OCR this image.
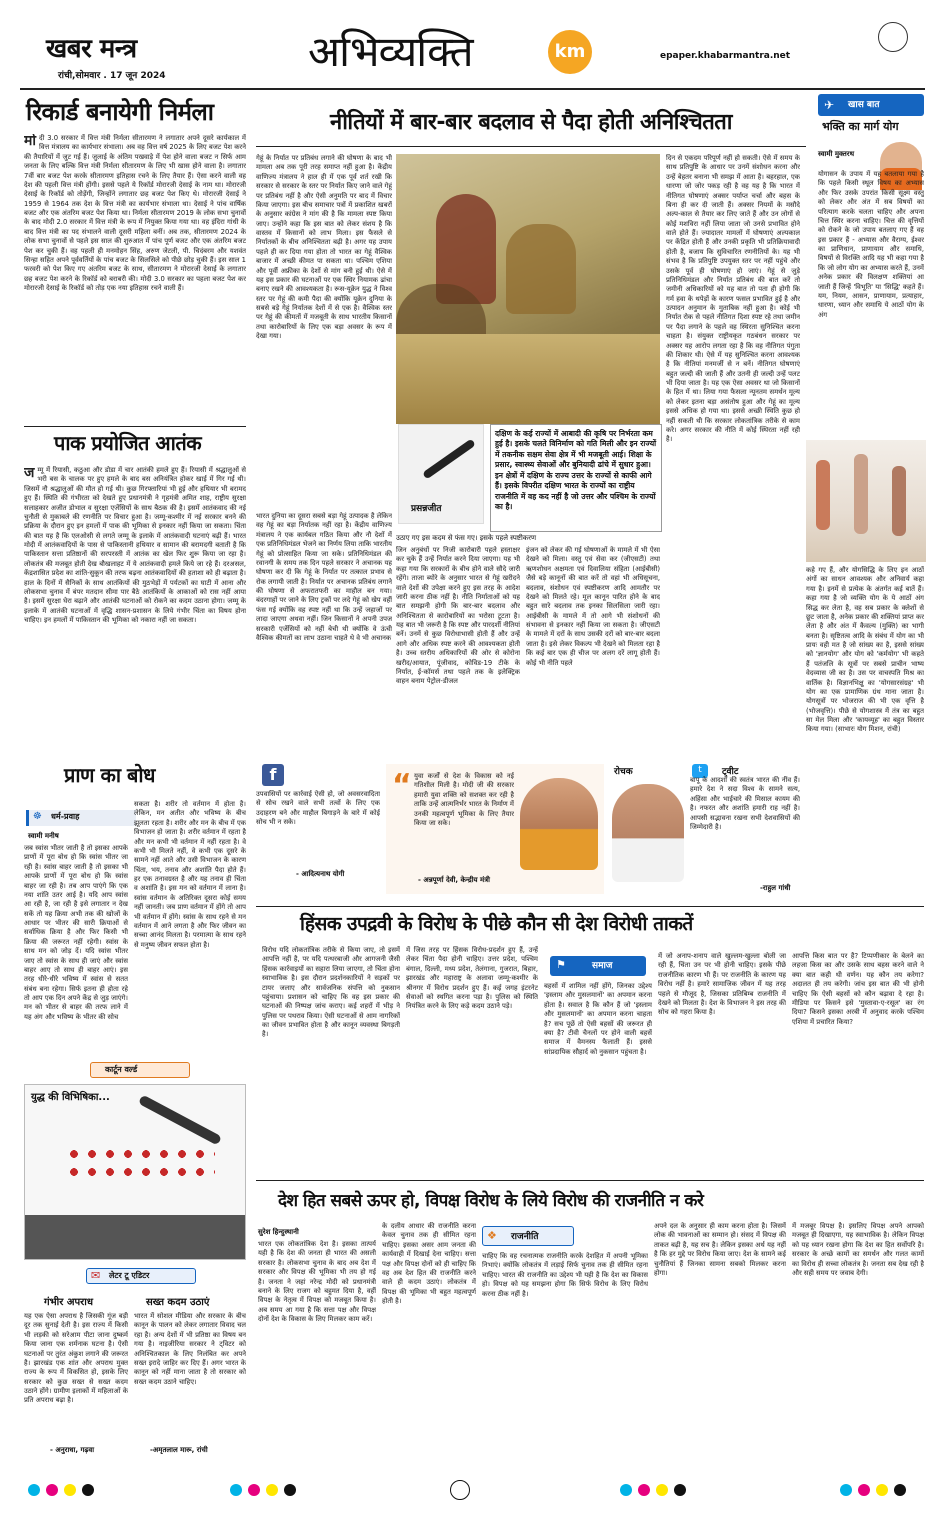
खबर मन्त्र
रांची,सोमवार . 17 जून 2024	अभिव्यक्ति	km	epaper.khabarmantra.net
रिकार्ड बनायेगी निर्मला
मो दी 3.0 सरकार में वित्त मंत्री निर्मला सीतारमण ने लगातार अपने दूसरे कार्यकाल में वित्त मंत्रालय का कार्यभार संभाला। अब वह वित्त वर्ष 2025 के लिए बजट पेश करने की तैयारियों में जुट गई हैं। जुलाई के अंतिम पखवाड़े में पेश होने वाला बजट न सिर्फ आम जनता के लिए बल्कि वित्त मंत्री निर्मला सीतारमण के लिए भी खास होने वाला है। लगातार 7वीं बार बजट पेश करके सीतारमण इतिहास रचने के लिए तैयार हैं। ऐसा करने वाली वह देश की पहली वित्त मंत्री होंगी। इससे पहले ये रिकॉर्ड मोरारजी देसाई के नाम था। मोरारजी देसाई के रिकॉर्ड को तोड़ेंगी, जिन्होंने लगातार छह बजट पेश किए थे। मोरारजी देसाई ने 1959 से 1964 तक देश के वित्त मंत्री का कार्यभार संभाला था। देसाई ने पांच वार्षिक बजट और एक अंतरिम बजट पेश किया था। निर्मला सीतारमण 2019 के लोक सभा चुनावों के बाद मोदी 2.0 सरकार में वित्त मंत्री के रूप में नियुक्त किया गया था। वह इंदिरा गांधी के बाद वित्त मंत्री का पद संभालने वाली दूसरी महिला बनीं। अब तक, सीतारमण 2024 के लोक सभा चुनावों से पहले इस साल की शुरुआत में पांच पूर्ण बजट और एक अंतरिम बजट पेश कर चुकी हैं। वह पहली ही मनमोहन सिंह, अरुण जेटली, पी. चिदंबरम और यशवंत सिन्हा सहित अपने पूर्ववर्तियों के पांच बजट के सिलसिले को पीछे छोड़ चुकी हैं। इस साल 1 फरवरी को पेश किए गए अंतरिम बजट के साथ, सीतारमण ने मोरारजी देसाई के लगातार छह बजट पेश करने के रिकॉर्ड को बराबरी की। मोदी 3.0 सरकार का पहला बजट पेश कर मोरारजी देसाई के रिकॉर्ड को तोड़ एक नया इतिहास रचने वाली हैं।
पाक प्रयोजित आतंक
ज म्मू में रियासी, कठुआ और डोडा में चार आतंकी हमले हुए हैं। रियासी में श्रद्धालुओं से भरी बस के चालक पर हुए हमले के बाद बस अनियंत्रित होकर खाई में गिर गई थी। जिसमें नौ श्रद्धालुओं की मौत हो गई थी। कुछ गिरफ्तारियां भी हुई और हथियार भी बरामद हुए हैं। स्थिति की गंभीरता को देखते हुए प्रधानमंत्री ने गृहमंत्री अमित शाह, राष्ट्रीय सुरक्षा सलाहकार अजीत डोभाल व सुरक्षा एजेंसियों के साथ बैठक की है। इसमें आतंकवाद की नई चुनौती से मुकाबले की रणनीति पर विचार हुआ है। जम्मू-कश्मीर में नई सरकार बनने की प्रक्रिया के दौरान हुए इन हमलों में पाक की भूमिका से इनकार नहीं किया जा सकता। चिंता की बात यह है कि एलओसी से लगते जम्मू के इलाके में आतंकवादी घटनाएं बढ़ी हैं। भारत मोदी में आतंकवादियों के पास से पाकिस्तानी हथियार व सामान की बरामदगी बताती है कि पाकिस्तान सत्ता प्रतिष्ठानों की सरपरस्ती में आतंक का खेल फिर शुरू किया जा रहा है। लोकतंत्र की मजबूत होती देख बौखलाहट में ये आतंकवादी हमले किये जा रहे हैं। दरअसल, केंद्रशासित प्रदेश का शांति-सुकून की तरफ बढ़ना आतंकवादियों की हताशा को ही बढ़ाता है। हाल के दिनों में सैनिकों के साथ आतंकियों की मुठभेड़ों में पर्यटकों का घाटी में आना और लोकसभा चुनाव में बंपर मतदान सीमा पार बैठे आतंकियों के आकाओं को रास नहीं आया है। इसमें सुरक्षा घेरा बढ़ाने और आतंकी घटनाओं को रोकने का कदम उठाना होगा। जम्मू के इलाके में आतंकी घटनाओं में वृद्धि शासन-प्रशासन के लिये गंभीर चिंता का विषय होना चाहिए। इन हमलों में पाकिस्तान की भूमिका को नकारा नहीं जा सकता।
नीतियों में बार-बार बदलाव से पैदा होती अनिश्चितता
गेहूं के निर्यात पर प्रतिबंध लगाने की घोषणा के बाद भी मामला अब तक पूरी तरह समाप्त नहीं हुआ है। केंद्रीय वाणिज्य मंत्रालय ने हाल ही में एक पूर्व शर्त रखी कि सरकार से सरकार के स्तर पर निर्यात किए जाने वाले गेहूं पर प्रतिबंध नहीं है और ऐसी अनुमति पर बाद में विचार किया जाएगा। इस बीच समाचार पत्रों में प्रकाशित खबरों के अनुसार कांग्रेस ने मांग की है कि मामला स्पष्ट किया जाए। उन्होंने कहा कि इस बात को लेकर संशय है कि वास्तव में किसानों को लाभ मिला। इस फैसले से निर्यातकों के बीच अनिश्चितता बढ़ी है। अगर यह उपाय पहले ही कर दिया गया होता तो भारत का गेहूं वैश्विक बाजार में अच्छी कीमत पा सकता था। पश्चिम एशिया और पूर्वी अफ्रीका के देशों से मांग बनी हुई थी। ऐसे में यह इस प्रकार की घटनाओं पर एक स्थिर नियामक ढांचा बनाए रखने की आवश्यकता है। रूस-यूक्रेन युद्ध ने विश्व स्तर पर गेहूं की कमी पैदा की क्योंकि यूक्रेन दुनिया के सबसे बड़े गेहूं निर्यातक देशों में से एक है। वैश्विक स्तर पर गेहूं की कीमतों में मजबूती के साथ भारतीय किसानों तथा कारोबारियों के लिए एक बड़ा अवसर के रूप में देखा गया।
प्रसन्नजीत
दक्षिण के कई राज्यों में आबादी की कृषि पर निर्भरता कम हुई है। इसके चलते विनिर्माण को गति मिली और इन राज्यों में तकनीक सक्षम सेवा क्षेत्र में भी मजबूती आई। शिक्षा के प्रसार, स्वास्थ्य सेवाओं और बुनियादी ढांचे में सुधार हुआ। इन क्षेत्रों में दक्षिण के राज्य उत्तर के राज्यों से काफी आगे हैं। इसके विपरीत दक्षिण भारत के राज्यों का राष्ट्रीय राजनीति में वह कद नहीं है जो उत्तर और पश्चिम के राज्यों का है।
भारत दुनिया का दूसरा सबसे बड़ा गेहूं उत्पादक है लेकिन वह गेहूं का बड़ा निर्यातक नहीं रहा है। केंद्रीय वाणिज्य मंत्रालय ने एक कार्यबल गठित किया और नौ देशों में एक प्रतिनिधिमंडल भेजने का निर्णय लिया ताकि भारतीय गेहूं को प्रोत्साहित किया जा सके। प्रतिनिधिमंडल की रवानगी के समय तक दिन पहले सरकार ने अचानक यह घोषणा कर दी कि गेहूं के निर्यात पर तत्काल प्रभाव से रोक लगायी जाती है। निर्यात पर अचानक प्रतिबंध लगाने की घोषणा से अफरातफरी का माहौल बन गया। बंदरगाहों पर जाने के लिए ट्रकों पर लदे गेहूं को खेप वहीं फंस गई क्योंकि वह स्पष्ट नहीं था कि उन्हें जहाजों पर लादा जाएगा अथवा नहीं। जिन किसानों ने अपनी उपज सरकारी एजेंसियों को नहीं बेची थी क्योंकि वे ऊंची वैश्विक कीमतों का लाभ उठाना चाहते थे वे भी अचानक
उठाए गए इस कदम से फंस गए। इसके पहले स्पष्टीकरण
जिन अनुबंधों पर निजी कारोबारी पहले हस्ताक्षर कर चुके हैं उन्हें निर्यात करने दिया जाएगा। यह भी कहा गया कि सरकारों के बीच होने वाले सौदे जारी रहेंगे। ताजा ब्योरे के अनुसार भारत से गेहूं खरीदने वाले देशों की उपेक्षा करने हुए इस तरह के आदेश जारी करना ठीक नहीं है। नीति निर्माताओं को यह बात समझनी होगी कि बार-बार बदलाव और अनिश्चितता से कारोबारियों का भरोसा टूटता है। यह बात भी जरूरी है कि स्पष्ट और पारदर्शी नीतियां बनें। उनमें से कुछ विरोधाभासी होती हैं और उन्हें आगे और अधिक स्पष्ट करने की आवश्यकता होती है। उच्च स्तरीय अधिकारियों की ओर से कोरोना खरीद/आयात, पूंजीवाद, कोविड-19 टीके के निर्यात, ई-कॉमर्स तथा पहले तक के इलेक्ट्रिक वाहन बनाम पेट्रोल-डीजल
इंजन को लेकर की गई घोषणाओं के मामले में भी ऐसा देखने को मिला। वस्तु एवं सेवा कर (जीएसटी) तथा ऋणशोधन अक्षमता एवं दिवालिया संहिता (आईबीसी) जैसे बड़े कानूनों की बात करें तो वहां भी अधिसूचना, बदलाव, संशोधन एवं स्पष्टीकरण आदि आमतौर पर देखने को मिलते रहे। मूल कानून पारित होने के बाद बहुत सारे बदलाव तक इनका सिलसिला जारी रहा। आईबीसी के मामले में तो आगे भी संशोधनों की संभावना से इनकार नहीं किया जा सकता है। जीएसटी के मामले में दरों के साथ उसकी दरों को बार-बार बदला जाता है। इसे लेकर विकल्प भी देखने को मिलता रहा है कि कई बार एक ही चीज पर अलग दरें लागू होती हैं। कोई भी नीति पहले
दिन से एकदम परिपूर्ण नहीं हो सकती। ऐसे में समय के साथ प्रतिपुष्टि के आधार पर उनमें संशोधन करना और उन्हें बेहतर बनाना भी समझ में आता है। बहरहाल, एक धारणा जो जोर पकड़ रही है वह यह है कि भारत में नीतिगत घोषणाएं अक्सर पर्याप्त चर्चा और बहस के बिना ही कर दी जाती हैं। अक्सर नियमों के मसौदे अल्प-काल से तैयार कर लिए जाते हैं और उन लोगों से कोई मशविरा नहीं लिया जाता जो उनसे प्रभावित होने वाले होते हैं। ज्यादातर मामलों में घोषणाएं अल्पकाल पर केंद्रित होती हैं और उनकी प्रकृति भी प्रतिक्रियावादी होती है, बजाय कि सुविचारित रणनीतियों के। यह भी संभव है कि प्रतिपुष्टि उपयुक्त स्तर पर नहीं पहुंचे और उसके पूर्व ही घोषणाएं हो जाएं। गेहूं से जुड़े प्रतिनिधिमंडल और निर्यात प्रतिबंध की बात करें तो जमीनी अधिकारियों को यह बात तो पता ही होगी कि गर्म हवा के थपेड़ों के कारण फसल प्रभावित हुई है और उत्पादन अनुमान के मुताबिक नहीं हुआ है। कोई भी निर्यात रोक से पहले नीतिगत दिशा स्पष्ट रहे तथा जमीन पर पैदा लगाने के पहले वह स्थिरता सुनिश्चित करना चाहता है। संयुक्त राष्ट्रीयकृत गठबंधन सरकार पर अक्सर यह आरोप लगता रहा है कि वह नीतिगत पंगुता की शिकार थी। ऐसे में यह सुनिश्चित करना आवश्यक है कि नीतियां मनमर्जी से न बनें। नीतिगत घोषणाएं बहुत जल्दी की जाती हैं और उतनी ही जल्दी उन्हें पलट भी दिया जाता है। यह एक ऐसा अवसर था जो किसानों के हित में था। लिया गया फैसला न्यूनतम समर्थन मूल्य को लेकर इतना बड़ा असंतोष हुआ और गेहूं का मूल्य इससे अधिक हो गया था। इससे अच्छी स्थिति कुछ हो नहीं सकती थी कि सरकार लोकतांत्रिक तरीके से काम करे। अगर सरकार की नीति में कोई स्थिरता नहीं रही है।
✈ खास बात
भक्ति का मार्ग योग
स्वामी मुक्तरथ
योगासन के उपाय में यह बतलाया गया है कि पहले किसी स्थूल विषय का अभ्यास और फिर उसके उपरांत किसी सूक्ष्म वस्तु को लेकर और अंत में सब विषयों का परित्याग करके चलता चाहिए और अपना चित्त स्थिर करना चाहिए। चित्त की वृत्तियों को रोकने के जो उपाय बतलाए गए हैं वह इस प्रकार हैं - अभ्यास और वैराग्य, ईश्वर का प्राणिधान, प्राणायाम और समाधि, विषयों से विरक्ति आदि यह भी कहा गया है कि जो लोग योग का अभ्यास करते हैं, उनमें अनेक प्रकार की विलक्षण शक्तियां आ जाती हैं जिन्हें 'विभूति' या 'सिद्धि' कहते हैं। यम, नियम, आसन, प्राणायाम, प्रत्याहार, धारणा, ध्यान और समाधि ये आठों योग के अंग
कहे गए हैं, और योगसिद्धि के लिए इन आठों अंगों का साधन आवश्यक और अनिवार्य कहा गया है। इनमें से प्रत्येक के अंतर्गत कई बातें हैं। कहा गया है जो व्यक्ति योग के ये आठों अंग सिद्ध कर लेता है, वह सब प्रकार के क्लेशों से छूट जाता है, अनेक प्रकार की शक्तियां प्राप्त कर लेता है और अंत में कैवल्य (मुक्ति) का भागी बनता है। सृष्टितत्व आदि के संबंध में योग का भी प्रायः वही मत है जो सांख्य का है, इससे सांख्य को 'ज्ञानयोग' और योग को 'कर्मयोग' भी कहते हैं पतंजलि के सूत्रों पर सबसे प्राचीन भाष्य वेदव्यास जी का है। उस पर वाचस्पति मिश्र का वार्तिक है। विज्ञानभिक्षु का 'योगसारसंग्रह' भी योग का एक प्रामाणिक ग्रंथ माना जाता है। योगसूत्रों पर भोजराज की भी एक वृत्ति है (भोजवृत्ति)। पीछे से योगशास्त्र में तंत्र का बहुत सा मेल मिला और 'कायव्यूह' का बहुत विस्तार किया गया। (साभारः योग मिशन, रांची)
प्राण का बोध
☸ धर्म-प्रवाह
स्वामी मनीष
जब स्वांस भीतर जाती है तो इसका आपके प्राणों में पूरा बोध हो कि स्वांस भीतर जा रही है। स्वांस बाहर जाती है तो इसका भी आपके प्राणों में पूरा बोध हो कि स्वांस बाहर जा रही है। तब आप पाएंगे कि एक नया शांति उतर आई है। यदि आप स्वांस आ रही है, जा रही है इसे लगातार न देख सकें तो यह क्रिया अभी तक की खोजों के आधार पर भीतर की सारी क्रियाओं से सर्वाधिक क्रिया है और फिर किसी भी क्रिया की जरूरत नहीं रहेगी। स्वांस के साथ मन को जोड़ दें। यदि स्वांस भीतर जाए तो स्वांस के साथ ही जाएं और स्वांस बाहर आए तो साथ ही बाहर आएं। इस तरह धीरे-धीरे भविष्य में स्वांस से सतत संबंध बना रहेगा। सिर्फ इतना ही होता रहे तो आप एक दिन अपने केंद्र से जुड़ जाएंगे। मन को भीतर से बाहर की तरफ लाने में यह अंग और भविष्य के भीतर की सोच
सकता है। शरीर तो वर्तमान में होता है। लेकिन, मन अतीत और भविष्य के बीच झूलता रहता है। शरीर और मन के बीच में एक विभाजन हो जाता है। शरीर वर्तमान में रहता है और मन कभी भी वर्तमान में नहीं रहता है। वे कभी भी मिलते नहीं, वे कभी एक दूसरे के सामने नहीं आते और उसी विभाजन के कारण चिंता, भय, तनाव और अशांति पैदा होते हैं। हर एक तनावग्रस्त है और यह तनाव ही चिंता व अशांति है। इस मन को वर्तमान में लाना है। स्वांस वर्तमान के अतिरिक्त दूसरा कोई समय नहीं जानती। जब प्राण वर्तमान में होंगे तो आप भी वर्तमान में होंगे। स्वांस के साथ रहने से मन वर्तमान में आने लगता है और फिर जीवन का सच्चा आनंद मिलता है। परमात्मा के साथ रहने से मनुष्य जीवन सफल होता है।
f
उपवासियों पर कार्रवाई ऐसी हो, जो अवसरवादिता से सोच रखने वाले सभी तत्वों के लिए एक उदाहरण बने और माहौल बिगाड़ने के बारे में कोई सोच भी न सके।
- आदित्यनाथ योगी
“ युवा कर्जों से देश के विकास को नई गतिशील मिली है। मोदी जी की सरकार हमारी युवा शक्ति को सशक्त कर रही है ताकि उन्हें आत्मनिर्भर भारत के निर्माण में उनकी महत्वपूर्ण भूमिका के लिए तैयार किया जा सके।
- अन्नपूर्णा देवी, केन्द्रीय मंत्री
रोचक	t	ट्वीट
बापू के आदर्शों की स्वतंत्र भारत की नींव हैं। हमारे देश ने सदा विश्व के सामने सत्य, अहिंसा और भाईचारे की मिसाल कायम की है। नफरत और अशांति हमारी राह नहीं है। आपसी सद्भावना रखना सभी देशवासियों की जिम्मेदारी है।
-राहुल गांधी
कार्टून वर्ल्ड
युद्ध की विभिषिका...
✉ लेटर टू एडिटर
गंभीर अपराध
यह एक ऐसा अपराध है जिसकी गूंज बड़ी दूर तक सुनाई देती है। इस राज्य में किसी भी लड़की को सरेआम पीटा जाना दुष्कर्म किया जाना एक शर्मनाक घटना है। ऐसी घटनाओं पर तुरंत अंकुश लगाने की जरूरत है। झारखंड एक शांत और अपराध मुक्त राज्य के रूप में विकसित हो, इसके लिए सरकार को कुछ सख्त से सख्त कदम उठाने होंगे। ग्रामीण इलाकों में महिलाओं के प्रति अपराध बढ़ा है।
- अनुराधा, गढ़वा
सख्त कदम उठाएं
भारत में सोशल मीडिया और सरकार के बीच कानून के पालन को लेकर लगातार विवाद चल रहा है। अन्य देशों में भी प्रतिष्ठा का विषय बन गया है। नाइजीरिया सरकार ने ट्विटर को अनिश्चितकाल के लिए निलंबित कर अपने सख्त इरादे जाहिर कर दिए हैं। अगर भारत के कानून को नहीं माना जाता है तो सरकार को सख्त कदम उठाने चाहिए।
-अमृतलाल मारू, रांची
हिंसक उपद्रवी के विरोध के पीछे कौन सी देश विरोधी ताकतें
विरोध यदि लोकतांत्रिक तरीके से किया जाए, तो इसमें आपत्ति नहीं है, पर यदि पत्थरबाजी और आगजनी जैसी हिंसक कार्रवाइयों का सहारा लिया जाएगा, तो चिंता होना स्वाभाविक है। इस दौरान प्रदर्शनकारियों ने सड़कों पर टायर जलाए और सार्वजनिक संपत्ति को नुकसान पहुंचाया। प्रशासन को चाहिए कि वह इस प्रकार की घटनाओं की निष्पक्ष जांच कराए। कई शहरों में भीड़ ने पुलिस पर पथराव किया। ऐसी घटनाओं से आम नागरिकों का जीवन प्रभावित होता है और कानून व्यवस्था बिगड़ती है।
में जिस तरह पर हिंसक विरोध-प्रदर्शन हुए हैं, उन्हें लेकर चिंता पैदा होनी चाहिए। उत्तर प्रदेश, पश्चिम बंगाल, दिल्ली, मध्य प्रदेश, तेलंगाना, गुजरात, बिहार, झारखंड और महाराष्ट्र के अलावा जम्मू-कश्मीर के श्रीनगर में विरोध प्रदर्शन हुए हैं। कई जगह इंटरनेट सेवाओं को स्थगित करना पड़ा है। पुलिस को स्थिति नियंत्रित करने के लिए कड़े कदम उठाने पड़े।
⚑	समाज
बहसों में शामिल नहीं होंगे, जिनका उद्देश्य 'इस्लाम और मुसलमानों' का अपमान करना होता है। सवाल है कि कौन हैं जो 'इस्लाम और मुसलमानों' का अपमान करना चाहता है? सच पूछें तो ऐसी बहसों की जरूरत ही क्या है? टीवी चैनलों पर होने वाली बहसें समाज में वैमनस्य फैलाती हैं। इससे सांप्रदायिक सौहार्द को नुकसान पहुंचता है।
में जो अनाप-शनाप वाले खुल्लम-खुल्ला बोली जा रही हैं, चिंता उन पर भी होनी चाहिए। इसके पीछे राजनीतिक कारण भी हैं। पर राजनीति के कारण यह विरोध नहीं है। हमारे सामाजिक जीवन में यह तरह पहले से मौजूद है, जिसका प्रतिबिम्ब राजनीति में देखने को मिलता है। देश के विभाजन ने इस तरह की सोच को गहरा किया है।
आपत्ति किस बात पर है? टिप्पणीकार के बेलने का लहजा किस का और उसके साथ बहस करने वाले ने क्या बात कही थी वर्णन। यह कौन तय करेगा? अदालत ही तय करेगी। जांच इस बात की भी होनी चाहिए कि ऐसी बहसों को कौन बढ़ावा दे रहा है। मीडिया पर किसने इसे 'मुस्तावा-ए-रसूल' का रंग दिया? किसने इसका अरबी में अनुवाद करके पश्चिम एशिया में प्रचारित किया?
देश हित सबसे ऊपर हो, विपक्ष विरोध के लिये विरोध की राजनीति न करे
सुरेश हिन्दुस्थानी
भारत एक लोकतांत्रिक देश है। इसका तात्पर्य यही है कि देश की जनता ही भारत की असली सरकार है। लोकसभा चुनाव के बाद अब देश में सरकार और विपक्ष की भूमिका भी तय हो गई है। जनता ने जहां नरेन्द्र मोदी को प्रधानमंत्री बनाने के लिए राजग को बहुमत दिया है, वहीं विपक्ष के नेतृत्व में विपक्ष को मजबूत किया है। अब समय आ गया है कि सत्ता पक्ष और विपक्ष दोनों देश के विकास के लिए मिलकर काम करें।
के दलीय आधार की राजनीति करना केवल चुनाव तक ही सीमित रहना चाहिए। इसका असर आम जनता की कार्यवाही में दिखाई देना चाहिए। सत्ता पक्ष और विपक्ष दोनों को ही चाहिए कि वह अब देश हित की राजनीति करने वाले ही कदम उठाएं। लोकतंत्र में विपक्ष की भूमिका भी बहुत महत्वपूर्ण होती है।
❖ राजनीति
चाहिए कि वह रचनात्मक राजनीति करके देशहित में अपनी भूमिका निभाएं। क्योंकि लोकतंत्र में लड़ाई सिर्फ चुनाव तक ही सीमित रहना चाहिए। भारत की राजनीति का उद्देश्य भी यही है कि देश का विकास हो। विपक्ष को यह समझना होगा कि सिर्फ विरोध के लिए विरोध करना ठीक नहीं है।
अपने दल के अनुसार ही काम करना होता है। जिसमें लोक की भावनाओं का सम्मान हो। संसद में विपक्ष की ताकत बढ़ी है, यह सच है। लेकिन इसका अर्थ यह नहीं है कि हर मुद्दे पर विरोध किया जाए। देश के सामने कई चुनौतियां हैं जिनका सामना सबको मिलकर करना होगा।
में मजबूर विपक्ष है। इसलिए विपक्ष अपने आपको मजबूत ही दिखाएगा, यह स्वाभाविक है। लेकिन विपक्ष को यह ध्यान रखना होगा कि देश का हित सर्वोपरि है। सरकार के अच्छे कामों का समर्थन और गलत कामों का विरोध ही सच्चा लोकतंत्र है। जनता सब देख रही है और सही समय पर जवाब देगी।
